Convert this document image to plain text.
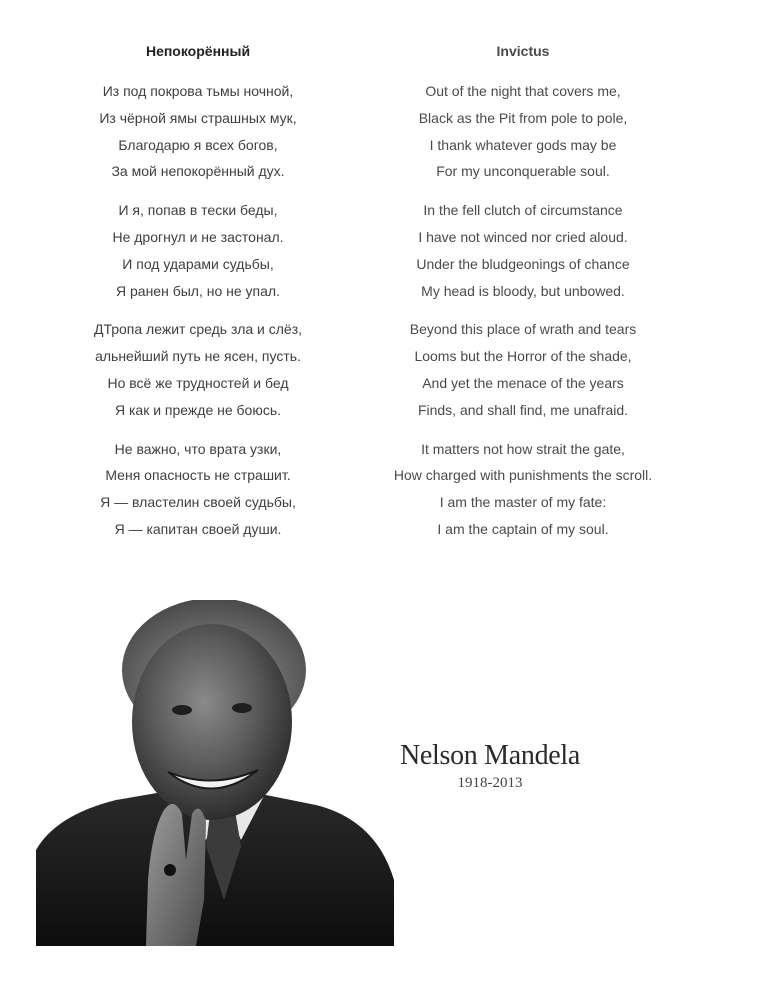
Непокорённый
Из под покрова тьмы ночной,
Из чёрной ямы страшных мук,
Благодарю я всех богов,
За мой непокорённый дух.
И я, попав в тески беды,
Не дрогнул и не застонал.
И под ударами судьбы,
Я ранен был, но не упал.
ДТропа лежит средь зла и слёз,
альнейший путь не ясен, пусть.
Но всё же трудностей и бед
Я как и прежде не боюсь.
Не важно, что врата узки,
Меня опасность не страшит.
Я — властелин своей судьбы,
Я — капитан своей души.
Invictus
Out of the night that covers me,
Black as the Pit from pole to pole,
I thank whatever gods may be
For my unconquerable soul.
In the fell clutch of circumstance
I have not winced nor cried aloud.
Under the bludgeonings of chance
My head is bloody, but unbowed.
Beyond this place of wrath and tears
Looms but the Horror of the shade,
And yet the menace of the years
Finds, and shall find, me unafraid.
It matters not how strait the gate,
How charged with punishments the scroll.
I am the master of my fate:
I am the captain of my soul.
Nelson Mandela
1918-2013
